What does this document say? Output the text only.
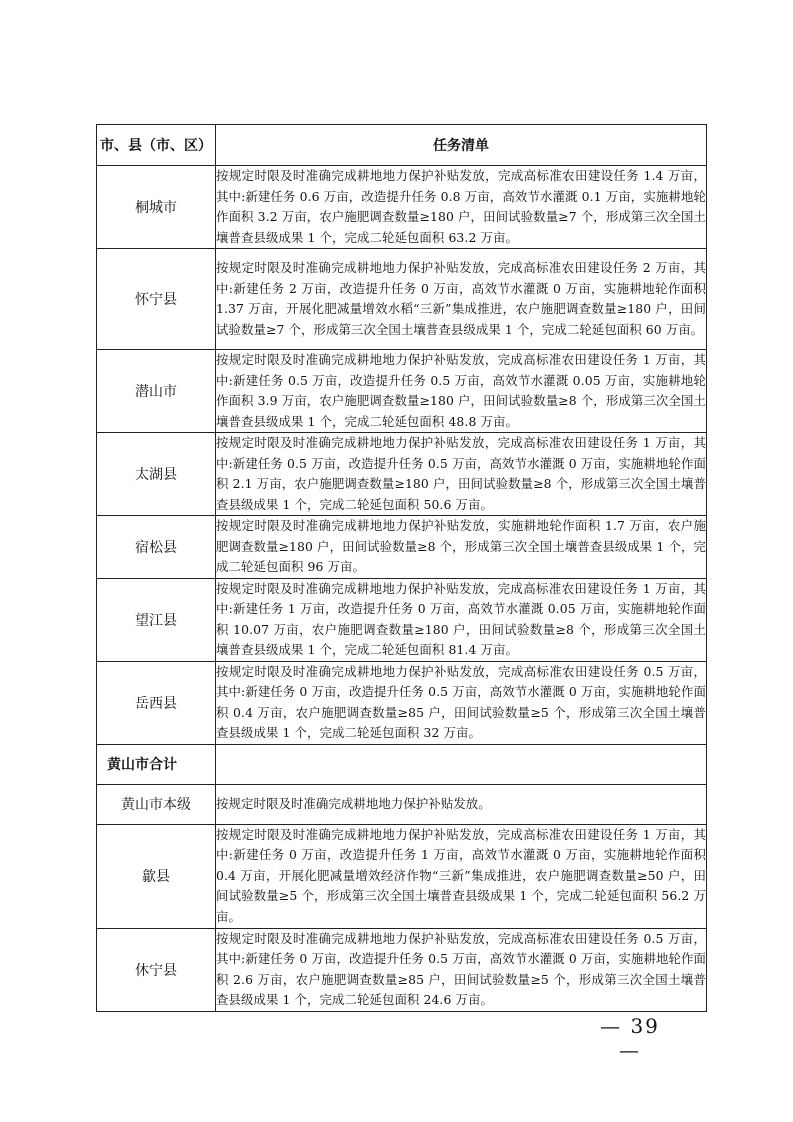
市、县（市、区）	任务清单
桐城市	按规定时限及时准确完成耕地地力保护补贴发放，完成高标准农田建设任务 1.4 万亩，其中:新建任务 0.6 万亩，改造提升任务 0.8 万亩，高效节水灌溉 0.1 万亩，实施耕地轮作面积 3.2 万亩，农户施肥调查数量≥180 户，田间试验数量≥7 个，形成第三次全国土壤普查县级成果 1 个，完成二轮延包面积 63.2 万亩。
怀宁县	按规定时限及时准确完成耕地地力保护补贴发放，完成高标准农田建设任务 2 万亩，其中:新建任务 2 万亩，改造提升任务 0 万亩，高效节水灌溉 0 万亩，实施耕地轮作面积 1.37 万亩，开展化肥减量增效水稻“三新”集成推进，农户施肥调查数量≥180 户，田间试验数量≥7 个，形成第三次全国土壤普查县级成果 1 个，完成二轮延包面积 60 万亩。
潜山市	按规定时限及时准确完成耕地地力保护补贴发放，完成高标准农田建设任务 1 万亩，其中:新建任务 0.5 万亩，改造提升任务 0.5 万亩，高效节水灌溉 0.05 万亩，实施耕地轮作面积 3.9 万亩，农户施肥调查数量≥180 户，田间试验数量≥8 个，形成第三次全国土壤普查县级成果 1 个，完成二轮延包面积 48.8 万亩。
太湖县	按规定时限及时准确完成耕地地力保护补贴发放，完成高标准农田建设任务 1 万亩，其中:新建任务 0.5 万亩，改造提升任务 0.5 万亩，高效节水灌溉 0 万亩，实施耕地轮作面积 2.1 万亩，农户施肥调查数量≥180 户，田间试验数量≥8 个，形成第三次全国土壤普查县级成果 1 个，完成二轮延包面积 50.6 万亩。
宿松县	按规定时限及时准确完成耕地地力保护补贴发放，实施耕地轮作面积 1.7 万亩，农户施肥调查数量≥180 户，田间试验数量≥8 个，形成第三次全国土壤普查县级成果 1 个，完成二轮延包面积 96 万亩。
望江县	按规定时限及时准确完成耕地地力保护补贴发放，完成高标准农田建设任务 1 万亩，其中:新建任务 1 万亩，改造提升任务 0 万亩，高效节水灌溉 0.05 万亩，实施耕地轮作面积 10.07 万亩，农户施肥调查数量≥180 户，田间试验数量≥8 个，形成第三次全国土壤普查县级成果 1 个，完成二轮延包面积 81.4 万亩。
岳西县	按规定时限及时准确完成耕地地力保护补贴发放，完成高标准农田建设任务 0.5 万亩，其中:新建任务 0 万亩，改造提升任务 0.5 万亩，高效节水灌溉 0 万亩，实施耕地轮作面积 0.4 万亩，农户施肥调查数量≥85 户，田间试验数量≥5 个，形成第三次全国土壤普查县级成果 1 个，完成二轮延包面积 32 万亩。
黄山市合计	
黄山市本级	按规定时限及时准确完成耕地地力保护补贴发放。
歙县	按规定时限及时准确完成耕地地力保护补贴发放，完成高标准农田建设任务 1 万亩，其中:新建任务 0 万亩，改造提升任务 1 万亩，高效节水灌溉 0 万亩，实施耕地轮作面积 0.4 万亩，开展化肥减量增效经济作物“三新”集成推进，农户施肥调查数量≥50 户，田间试验数量≥5 个，形成第三次全国土壤普查县级成果 1 个，完成二轮延包面积 56.2 万亩。
休宁县	按规定时限及时准确完成耕地地力保护补贴发放，完成高标准农田建设任务 0.5 万亩，其中:新建任务 0 万亩，改造提升任务 0.5 万亩，高效节水灌溉 0 万亩，实施耕地轮作面积 2.6 万亩，农户施肥调查数量≥85 户，田间试验数量≥5 个，形成第三次全国土壤普查县级成果 1 个，完成二轮延包面积 24.6 万亩。
— 39 —
